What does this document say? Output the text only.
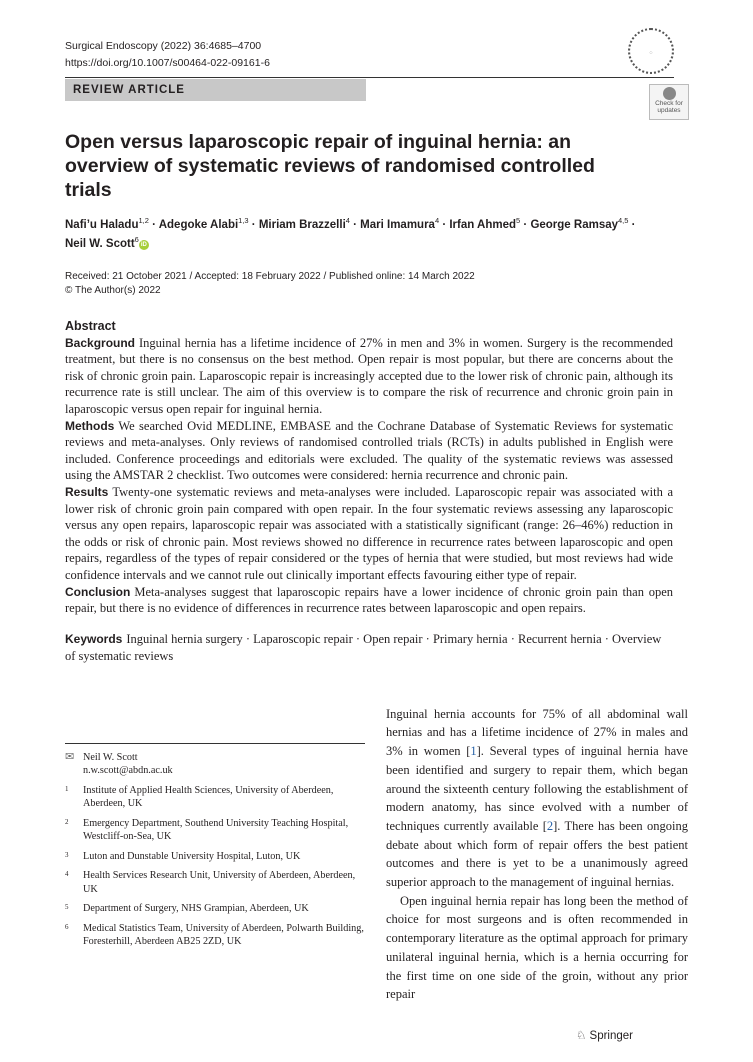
Surgical Endoscopy (2022) 36:4685–4700
https://doi.org/10.1007/s00464-022-09161-6
◌
REVIEW ARTICLE
Check for updates
Open versus laparoscopic repair of inguinal hernia: an overview of systematic reviews of randomised controlled trials
Nafi’u Haladu$^{1,2}$ · Adegoke Alabi$^{1,3}$ · Miriam Brazzelli$^4$ · Mari Imamura$^4$ · Irfan Ahmed$^5$ · George Ramsay$^{4,5}$ ·
Neil W. Scott$^6$iD
Received: 21 October 2021 / Accepted: 18 February 2022 / Published online: 14 March 2022
© The Author(s) 2022
Abstract

Background Inguinal hernia has a lifetime incidence of 27% in men and 3% in women. Surgery is the recommended treatment, but there is no consensus on the best method. Open repair is most popular, but there are concerns about the risk of chronic groin pain. Laparoscopic repair is increasingly accepted due to the lower risk of chronic pain, although its recurrence rate is still unclear. The aim of this overview is to compare the risk of recurrence and chronic groin pain in laparoscopic versus open repair for inguinal hernia.

Methods We searched Ovid MEDLINE, EMBASE and the Cochrane Database of Systematic Reviews for systematic reviews and meta-analyses. Only reviews of randomised controlled trials (RCTs) in adults published in English were included. Conference proceedings and editorials were excluded. The quality of the systematic reviews was assessed using the AMSTAR 2 checklist. Two outcomes were considered: hernia recurrence and chronic pain.

Results Twenty-one systematic reviews and meta-analyses were included. Laparoscopic repair was associated with a lower risk of chronic groin pain compared with open repair. In the four systematic reviews assessing any laparoscopic versus any open repairs, laparoscopic repair was associated with a statistically significant (range: 26–46%) reduction in the odds or risk of chronic pain. Most reviews showed no difference in recurrence rates between laparoscopic and open repairs, regardless of the types of repair considered or the types of hernia that were studied, but most reviews had wide confidence intervals and we cannot rule out clinically important effects favouring either type of repair.

Conclusion Meta-analyses suggest that laparoscopic repairs have a lower incidence of chronic groin pain than open repair, but there is no evidence of differences in recurrence rates between laparoscopic and open repairs.

Keywords Inguinal hernia surgery · Laparoscopic repair · Open repair · Primary hernia · Recurrent hernia · Overview of systematic reviews
✉ Neil W. Scott
n.w.scott@abdn.ac.uk
1	Institute of Applied Health Sciences, University of Aberdeen, Aberdeen, UK
2	Emergency Department, Southend University Teaching Hospital, Westcliff-on-Sea, UK
3	Luton and Dunstable University Hospital, Luton, UK
4	Health Services Research Unit, University of Aberdeen, Aberdeen, UK
5	Department of Surgery, NHS Grampian, Aberdeen, UK
6	Medical Statistics Team, University of Aberdeen, Polwarth Building, Foresterhill, Aberdeen AB25 2ZD, UK

Inguinal hernia accounts for 75% of all abdominal wall hernias and has a lifetime incidence of 27% in males and 3% in women [1]. Several types of inguinal hernia have been identified and surgery to repair them, which began around the sixteenth century following the establishment of modern anatomy, has since evolved with a number of techniques currently available [2]. There has been ongoing debate about which form of repair offers the best patient outcomes and there is yet to be a unanimously agreed superior approach to the management of inguinal hernias.

Open inguinal hernia repair has long been the method of choice for most surgeons and is often recommended in contemporary literature as the optimal approach for primary unilateral inguinal hernia, which is a hernia occurring for the first time on one side of the groin, without any prior repair

♘ Springer
